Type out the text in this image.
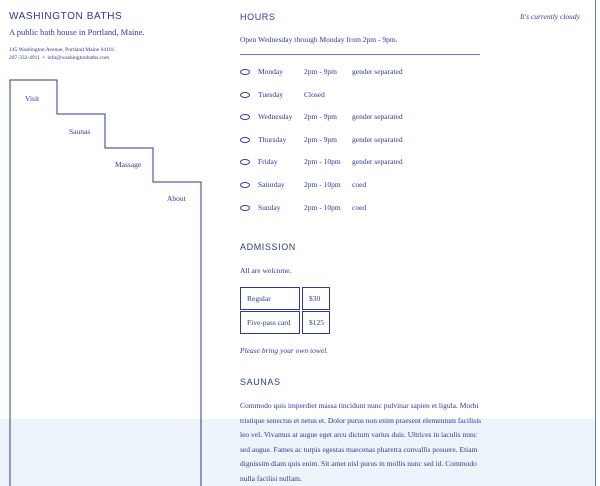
WASHINGTON BATHS
A public bath house in Portland, Maine.
145 Washington Avenue, Portland Maine 04101
207-332-4911  •  info@washingtonbaths.com
Visit
Saunas
Massage
About
It's currently cloudy
HOURS
Open Wednesday through Monday from 2pm - 9pm.
Monday	2pm - 9pm gender separated
Tuesday	Closed
Wednesday 2pm - 9pm gender separated
Thursday 2pm - 9pm gender separated
Friday	2pm - 10pm gender separated
Saturday	2pm - 10pm coed
Sunday	2pm - 10pm coed
ADMISSION
All are welcome.
Regular	$30
Five-pass card	$125
Please bring your own towel.
SAUNAS
Commodo quis imperdiet massa tincidunt nunc pulvinar sapien et ligula. Morbi tristique senectus et netus et. Dolor purus non enim praesent elementum facilisis leo vel. Vivamus at augue eget arcu dictum varius duis. Ultrices in iaculis nunc sed augue. Fames ac turpis egestas maecenas pharetra convallis posuere. Etiam dignissim diam quis enim. Sit amet nisl purus in mollis nunc sed id. Commodo nulla facilisi nullam.
